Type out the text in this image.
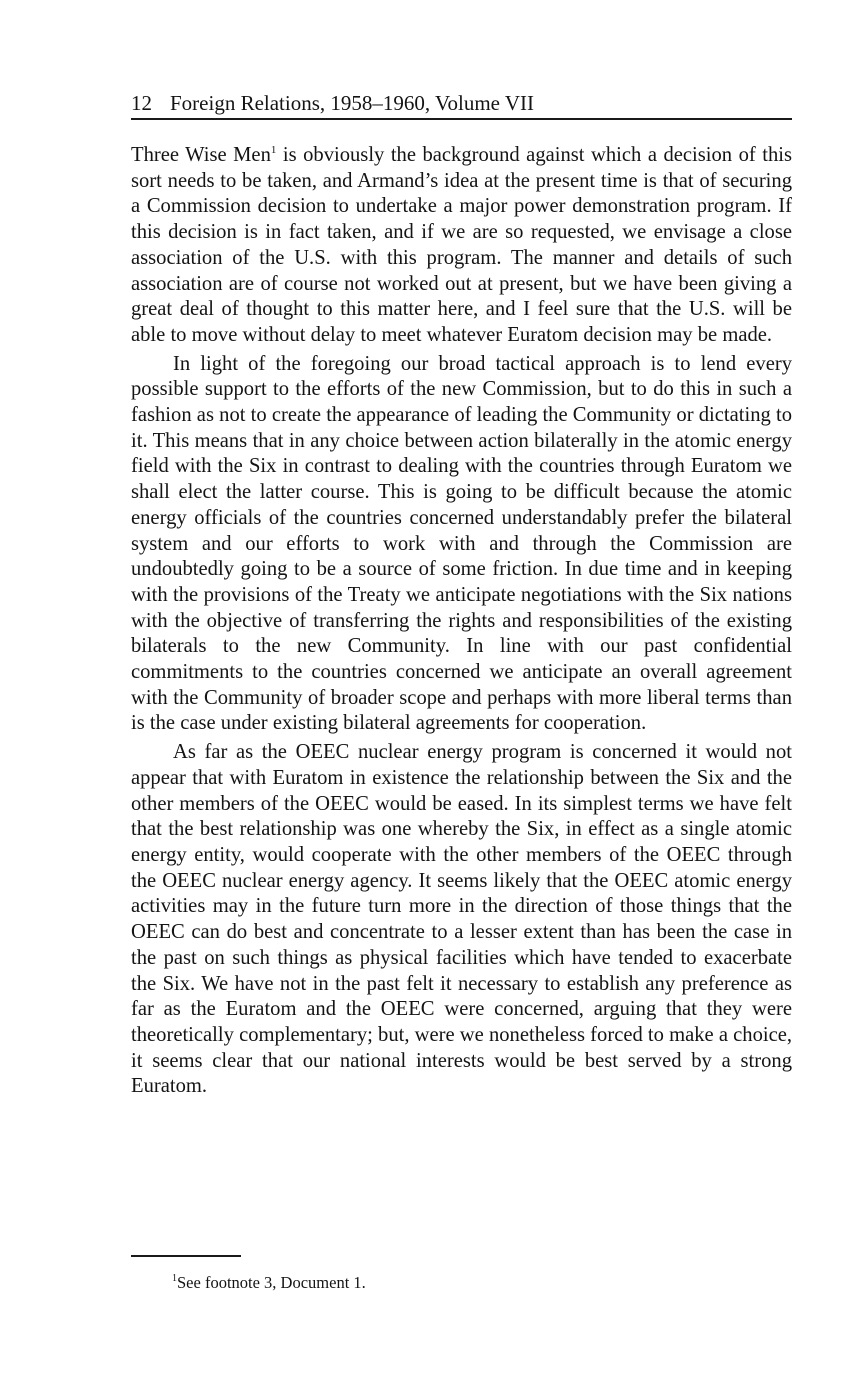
12 Foreign Relations, 1958–1960, Volume VII

Three Wise Men$^1$ is obviously the background against which a decision of this sort needs to be taken, and Armand’s idea at the present time is that of securing a Commission decision to undertake a major power demonstration program. If this decision is in fact taken, and if we are so requested, we envisage a close association of the U.S. with this program. The manner and details of such association are of course not worked out at present, but we have been giving a great deal of thought to this matter here, and I feel sure that the U.S. will be able to move without delay to meet whatever Euratom decision may be made.

In light of the foregoing our broad tactical approach is to lend every possible support to the efforts of the new Commission, but to do this in such a fashion as not to create the appearance of leading the Community or dictating to it. This means that in any choice between action bilaterally in the atomic energy field with the Six in contrast to dealing with the countries through Euratom we shall elect the latter course. This is going to be difficult because the atomic energy officials of the countries concerned understandably prefer the bilateral system and our efforts to work with and through the Commission are undoubtedly going to be a source of some friction. In due time and in keeping with the provisions of the Treaty we anticipate negotiations with the Six nations with the objective of transferring the rights and responsibilities of the existing bilaterals to the new Community. In line with our past confidential commitments to the countries concerned we anticipate an overall agreement with the Community of broader scope and perhaps with more liberal terms than is the case under existing bilateral agreements for cooperation.

As far as the OEEC nuclear energy program is concerned it would not appear that with Euratom in existence the relationship between the Six and the other members of the OEEC would be eased. In its simplest terms we have felt that the best relationship was one whereby the Six, in effect as a single atomic energy entity, would cooperate with the other members of the OEEC through the OEEC nuclear energy agency. It seems likely that the OEEC atomic energy activities may in the future turn more in the direction of those things that the OEEC can do best and concentrate to a lesser extent than has been the case in the past on such things as physical facilities which have tended to exacerbate the Six. We have not in the past felt it necessary to establish any preference as far as the Euratom and the OEEC were concerned, arguing that they were theoretically complementary; but, were we nonetheless forced to make a choice, it seems clear that our national interests would be best served by a strong Euratom.

$^1$See footnote 3, Document 1.
